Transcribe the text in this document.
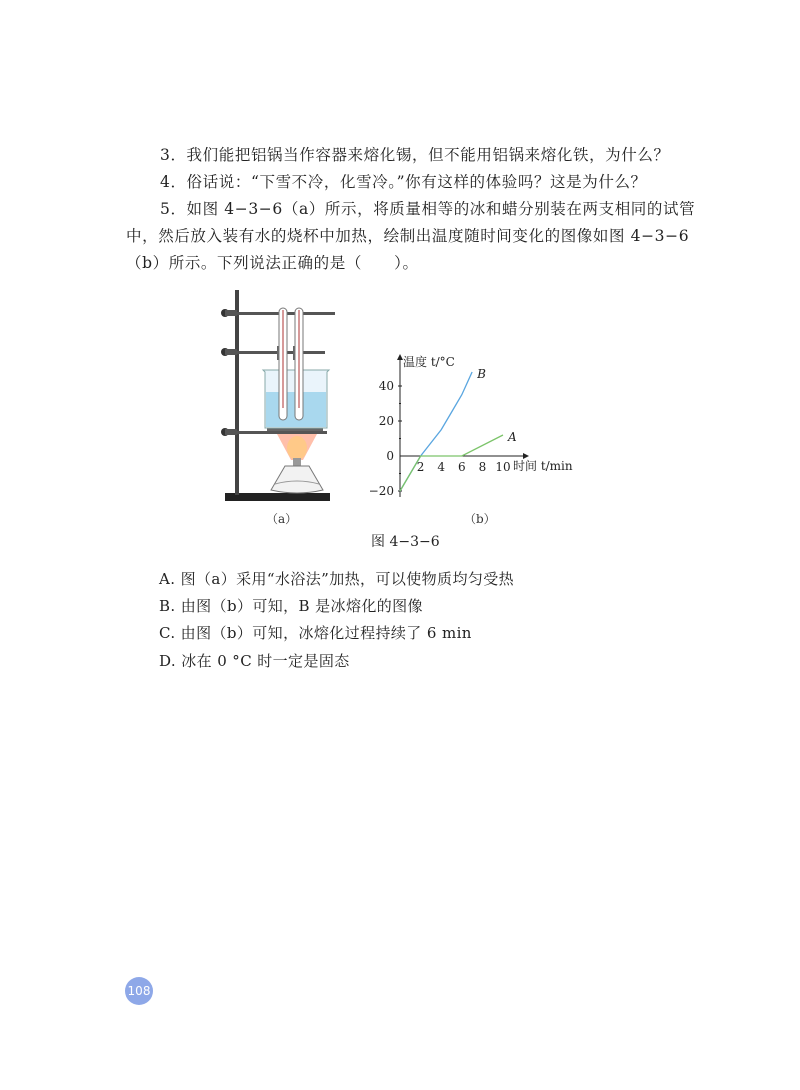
3．我们能把铝锅当作容器来熔化锡，但不能用铝锅来熔化铁，为什么？
4．俗话说：“下雪不冷，化雪冷。”你有这样的体验吗？这是为什么？
5．如图 4−3−6（a）所示，将质量相等的冰和蜡分别装在两支相同的试管
中，然后放入装有水的烧杯中加热，绘制出温度随时间变化的图像如图 4−3−6
（b）所示。下列说法正确的是（　　）。
（a）
温度 t/°C
时间 t/min
40
20
0
−20
2 4 6 8 10
B
A
（b）
图 4−3−6
A. 图（a）采用“水浴法”加热，可以使物质均匀受热
B. 由图（b）可知，B 是冰熔化的图像
C. 由图（b）可知，冰熔化过程持续了 6 min
D. 冰在 0 °C 时一定是固态
108
